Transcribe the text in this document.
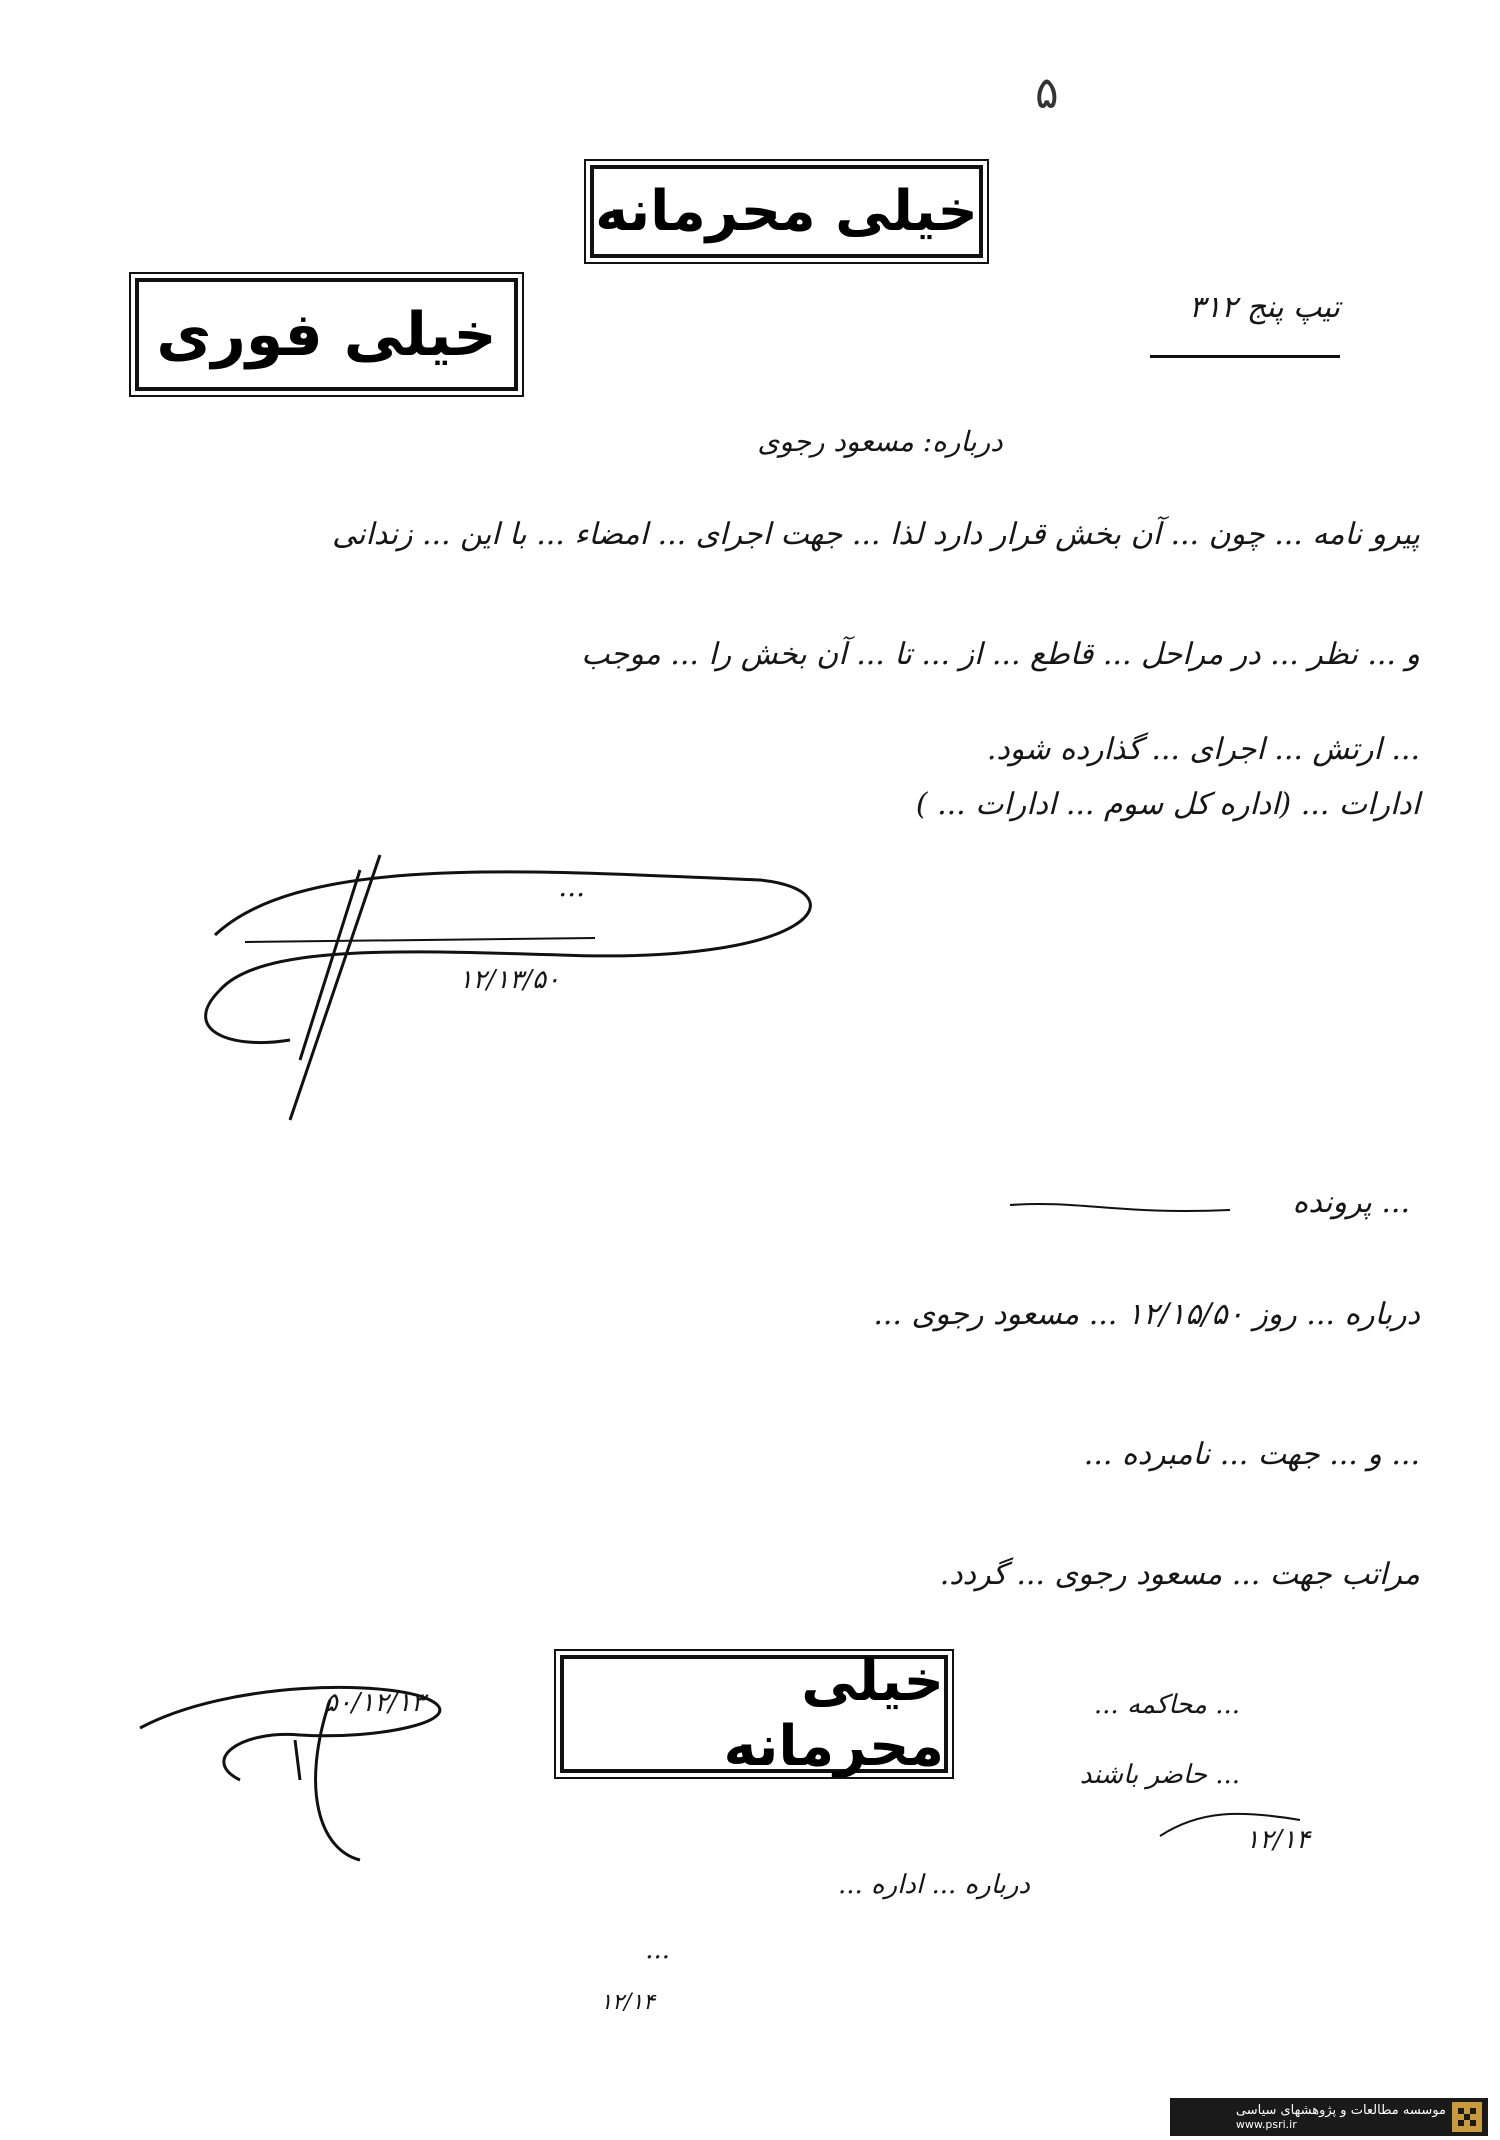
۵
خیلی محرمانه
خیلی فوری	تیپ پنج ۳۱۲
درباره: مسعود رجوی
پیرو نامه ... چون ... آن بخش قرار دارد لذا ... جهت اجرای ... امضاء ... با این ... زندانی
و ... نظر ... در مراحل ... قاطع ... از ... تا ... آن بخش را ... موجب
... ارتش ... اجرای ... گذارده شود.
ادارات ... (اداره کل سوم ... ادارات ... )
...
۱۲/۱۳/۵۰
... پرونده
درباره ... روز ۱۲/۱۵/۵۰ ... مسعود رجوی ...
... و ... جهت ... نامبرده ...
مراتب جهت ... مسعود رجوی ... گردد.
خیلی محرمانه
۵۰/۱۲/۱۳	... محاکمه ...
... حاضر باشند
۱۲/۱۴
درباره ... اداره ...
...
۱۲/۱۴
موسسه مطالعات و پژوهشهای سیاسی
www.psri.ir
